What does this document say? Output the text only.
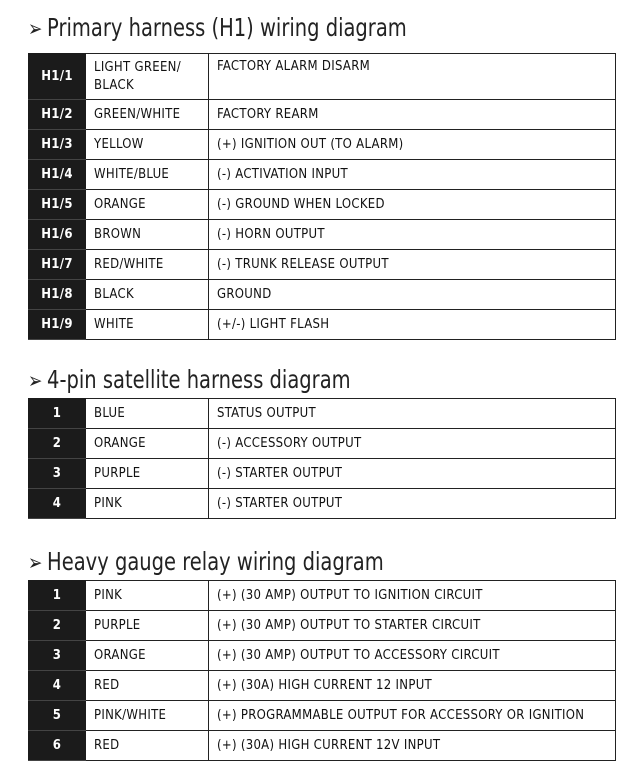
➢ Primary harness (H1) wiring diagram
H1/1	LIGHT GREEN/ BLACK	FACTORY ALARM DISARM
H1/2	GREEN/WHITE	FACTORY REARM
H1/3	YELLOW	(+) IGNITION OUT (TO ALARM)
H1/4	WHITE/BLUE	(-) ACTIVATION INPUT
H1/5	ORANGE	(-) GROUND WHEN LOCKED
H1/6	BROWN	(-) HORN OUTPUT
H1/7	RED/WHITE	(-) TRUNK RELEASE OUTPUT
H1/8	BLACK	GROUND
H1/9	WHITE	(+/-) LIGHT FLASH
➢ 4-pin satellite harness diagram
1	BLUE	STATUS OUTPUT
2	ORANGE	(-) ACCESSORY OUTPUT
3	PURPLE	(-) STARTER OUTPUT
4	PINK	(-) STARTER OUTPUT
➢ Heavy gauge relay wiring diagram
1	PINK	(+) (30 AMP) OUTPUT TO IGNITION CIRCUIT
2	PURPLE	(+) (30 AMP) OUTPUT TO STARTER CIRCUIT
3	ORANGE	(+) (30 AMP) OUTPUT TO ACCESSORY CIRCUIT
4	RED	(+) (30A) HIGH CURRENT 12 INPUT
5	PINK/WHITE	(+) PROGRAMMABLE OUTPUT FOR ACCESSORY OR IGNITION
6	RED	(+) (30A) HIGH CURRENT 12V INPUT
